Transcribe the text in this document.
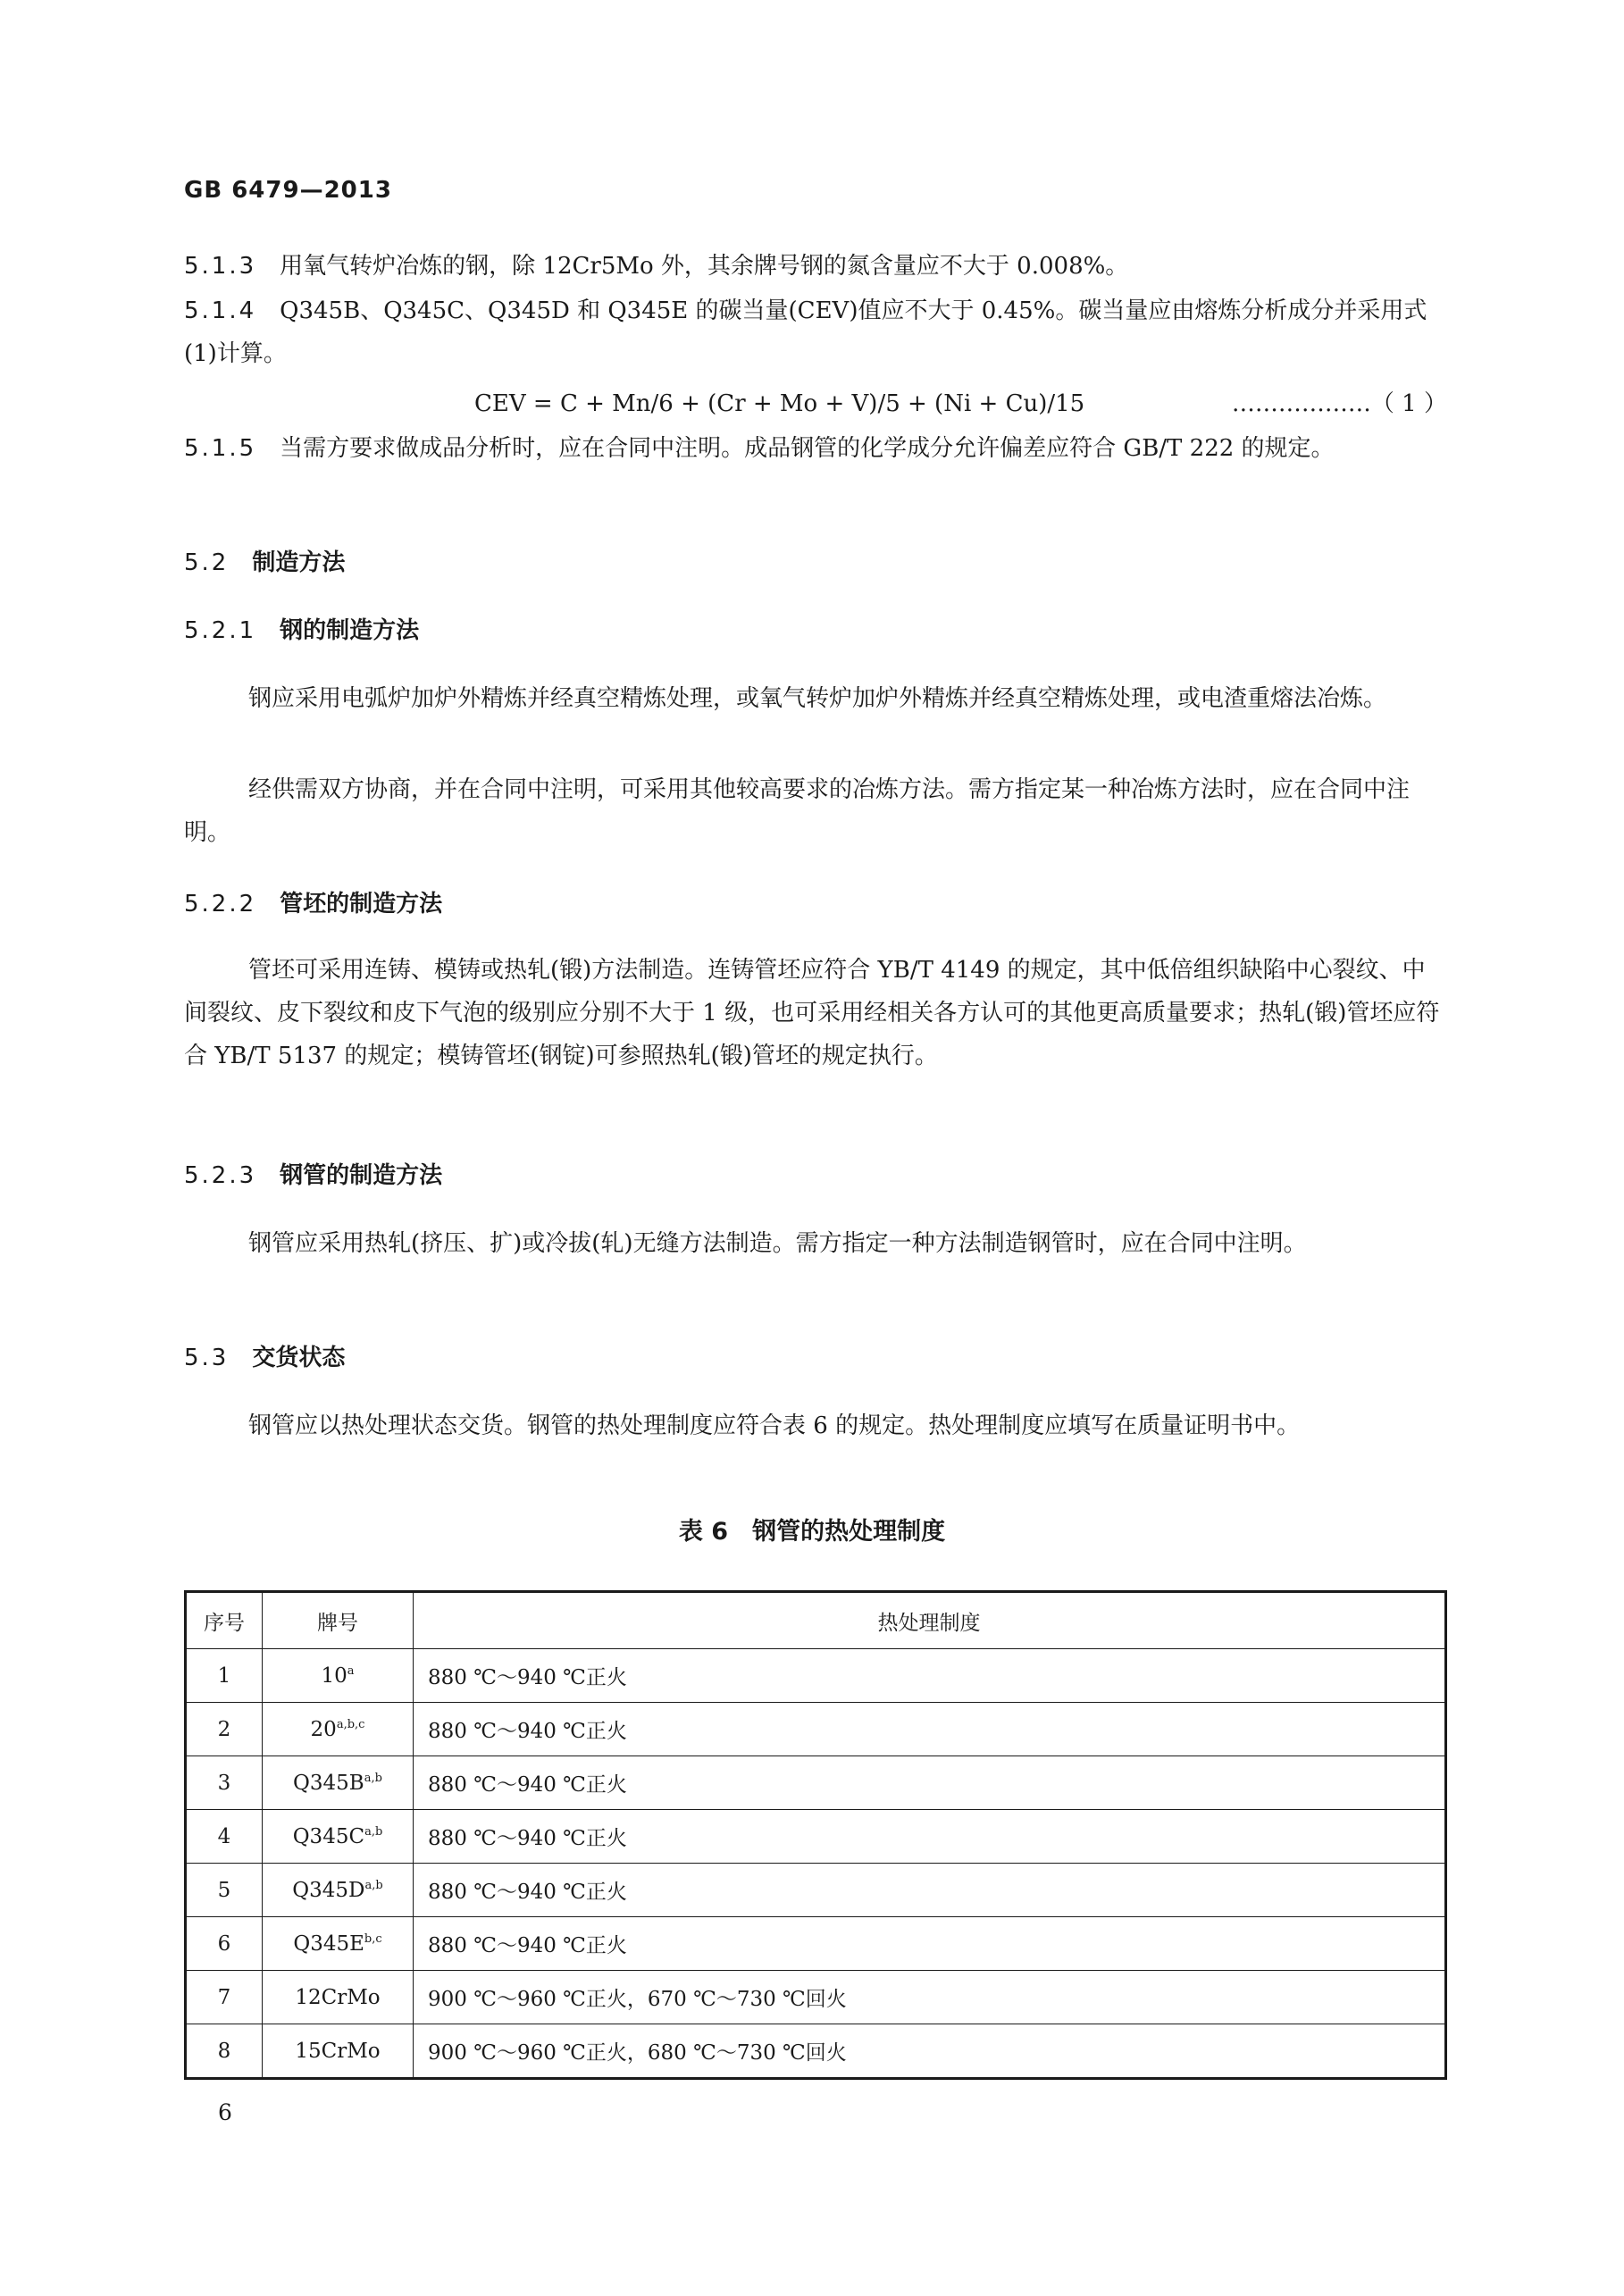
GB 6479—2013
5.1.3 用氧气转炉冶炼的钢，除 12Cr5Mo 外，其余牌号钢的氮含量应不大于 0.008%。
5.1.4 Q345B、Q345C、Q345D 和 Q345E 的碳当量(CEV)值应不大于 0.45%。碳当量应由熔炼分析成分并采用式(1)计算。
CEV = C + Mn/6 + (Cr + Mo + V)/5 + (Ni + Cu)/15	………………（ 1 ）
5.1.5 当需方要求做成品分析时，应在合同中注明。成品钢管的化学成分允许偏差应符合 GB/T 222 的规定。
5.2 制造方法
5.2.1 钢的制造方法
钢应采用电弧炉加炉外精炼并经真空精炼处理，或氧气转炉加炉外精炼并经真空精炼处理，或电渣重熔法冶炼。
经供需双方协商，并在合同中注明，可采用其他较高要求的冶炼方法。需方指定某一种冶炼方法时，应在合同中注明。
5.2.2 管坯的制造方法
管坯可采用连铸、模铸或热轧(锻)方法制造。连铸管坯应符合 YB/T 4149 的规定，其中低倍组织缺陷中心裂纹、中间裂纹、皮下裂纹和皮下气泡的级别应分别不大于 1 级，也可采用经相关各方认可的其他更高质量要求；热轧(锻)管坯应符合 YB/T 5137 的规定；模铸管坯(钢锭)可参照热轧(锻)管坯的规定执行。
5.2.3 钢管的制造方法
钢管应采用热轧(挤压、扩)或冷拔(轧)无缝方法制造。需方指定一种方法制造钢管时，应在合同中注明。
5.3 交货状态
钢管应以热处理状态交货。钢管的热处理制度应符合表 6 的规定。热处理制度应填写在质量证明书中。
表 6　钢管的热处理制度
序号	牌号	热处理制度
1	10$^a$	880 ℃～940 ℃正火
2	20$^{a,b,c}$	880 ℃～940 ℃正火
3	$Q345B^{a,b}$	880 ℃～940 ℃正火
4	$Q345C^{a,b}$	880 ℃～940 ℃正火
5	$Q345D^{a,b}$	880 ℃～940 ℃正火
6	$Q345E^{b,c}$	880 ℃～940 ℃正火
7	12CrMo	900 ℃～960 ℃正火，670 ℃～730 ℃回火
8	15CrMo	900 ℃～960 ℃正火，680 ℃～730 ℃回火
6
